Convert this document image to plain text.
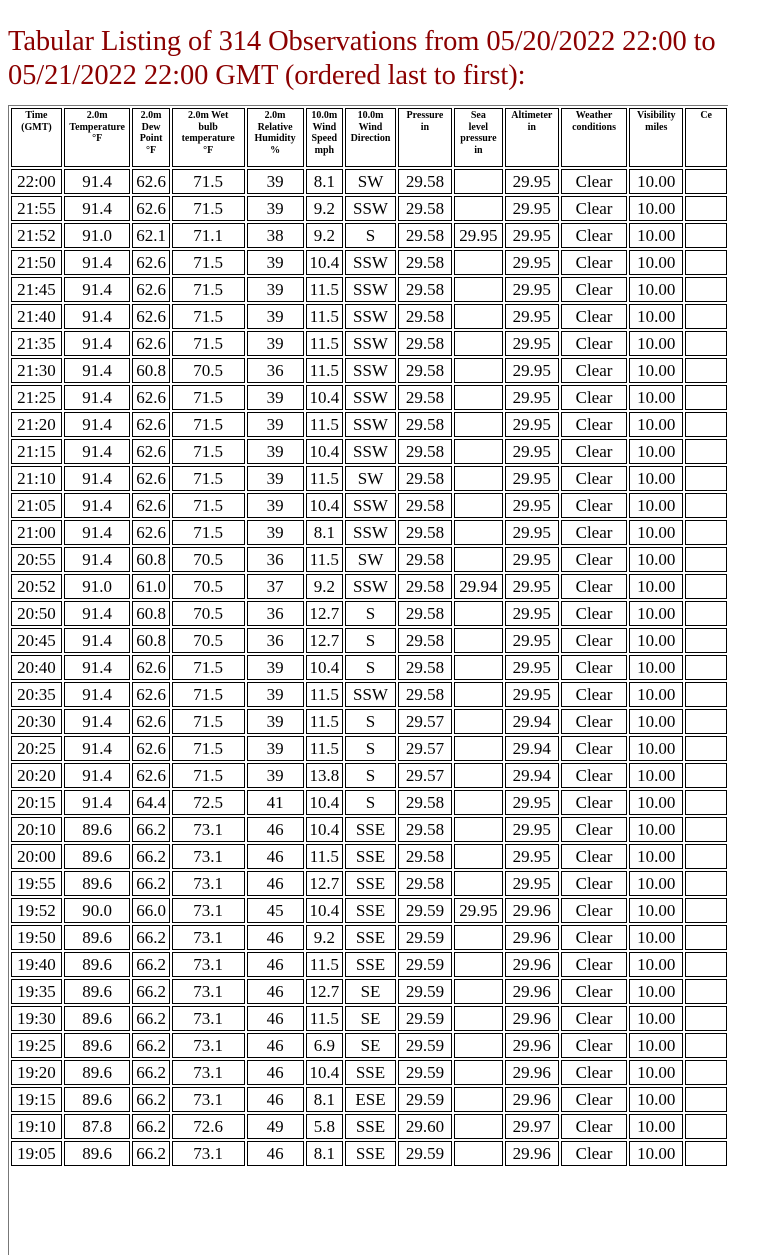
Tabular Listing of 314 Observations from 05/20/2022 22:00 to
05/21/2022 22:00 GMT (ordered last to first):
Time
(GMT)	2.0m
Temperature
°F	2.0m
Dew
Point
°F	2.0m Wet
bulb
temperature
°F	2.0m
Relative
Humidity
%	10.0m
Wind
Speed
mph	10.0m
Wind
Direction	Pressure
in	Sea
level
pressure
in	Altimeter
in	Weather
conditions	Visibility
miles	Ce
22:00	91.4	62.6	71.5	39	8.1	SW	29.58		29.95	Clear	10.00	
21:55	91.4	62.6	71.5	39	9.2	SSW	29.58		29.95	Clear	10.00	
21:52	91.0	62.1	71.1	38	9.2	S	29.58	29.95	29.95	Clear	10.00	
21:50	91.4	62.6	71.5	39	10.4	SSW	29.58		29.95	Clear	10.00	
21:45	91.4	62.6	71.5	39	11.5	SSW	29.58		29.95	Clear	10.00	
21:40	91.4	62.6	71.5	39	11.5	SSW	29.58		29.95	Clear	10.00	
21:35	91.4	62.6	71.5	39	11.5	SSW	29.58		29.95	Clear	10.00	
21:30	91.4	60.8	70.5	36	11.5	SSW	29.58		29.95	Clear	10.00	
21:25	91.4	62.6	71.5	39	10.4	SSW	29.58		29.95	Clear	10.00	
21:20	91.4	62.6	71.5	39	11.5	SSW	29.58		29.95	Clear	10.00	
21:15	91.4	62.6	71.5	39	10.4	SSW	29.58		29.95	Clear	10.00	
21:10	91.4	62.6	71.5	39	11.5	SW	29.58		29.95	Clear	10.00	
21:05	91.4	62.6	71.5	39	10.4	SSW	29.58		29.95	Clear	10.00	
21:00	91.4	62.6	71.5	39	8.1	SSW	29.58		29.95	Clear	10.00	
20:55	91.4	60.8	70.5	36	11.5	SW	29.58		29.95	Clear	10.00	
20:52	91.0	61.0	70.5	37	9.2	SSW	29.58	29.94	29.95	Clear	10.00	
20:50	91.4	60.8	70.5	36	12.7	S	29.58		29.95	Clear	10.00	
20:45	91.4	60.8	70.5	36	12.7	S	29.58		29.95	Clear	10.00	
20:40	91.4	62.6	71.5	39	10.4	S	29.58		29.95	Clear	10.00	
20:35	91.4	62.6	71.5	39	11.5	SSW	29.58		29.95	Clear	10.00	
20:30	91.4	62.6	71.5	39	11.5	S	29.57		29.94	Clear	10.00	
20:25	91.4	62.6	71.5	39	11.5	S	29.57		29.94	Clear	10.00	
20:20	91.4	62.6	71.5	39	13.8	S	29.57		29.94	Clear	10.00	
20:15	91.4	64.4	72.5	41	10.4	S	29.58		29.95	Clear	10.00	
20:10	89.6	66.2	73.1	46	10.4	SSE	29.58		29.95	Clear	10.00	
20:00	89.6	66.2	73.1	46	11.5	SSE	29.58		29.95	Clear	10.00	
19:55	89.6	66.2	73.1	46	12.7	SSE	29.58		29.95	Clear	10.00	
19:52	90.0	66.0	73.1	45	10.4	SSE	29.59	29.95	29.96	Clear	10.00	
19:50	89.6	66.2	73.1	46	9.2	SSE	29.59		29.96	Clear	10.00	
19:40	89.6	66.2	73.1	46	11.5	SSE	29.59		29.96	Clear	10.00	
19:35	89.6	66.2	73.1	46	12.7	SE	29.59		29.96	Clear	10.00	
19:30	89.6	66.2	73.1	46	11.5	SE	29.59		29.96	Clear	10.00	
19:25	89.6	66.2	73.1	46	6.9	SE	29.59		29.96	Clear	10.00	
19:20	89.6	66.2	73.1	46	10.4	SSE	29.59		29.96	Clear	10.00	
19:15	89.6	66.2	73.1	46	8.1	ESE	29.59		29.96	Clear	10.00	
19:10	87.8	66.2	72.6	49	5.8	SSE	29.60		29.97	Clear	10.00	
19:05	89.6	66.2	73.1	46	8.1	SSE	29.59		29.96	Clear	10.00	
